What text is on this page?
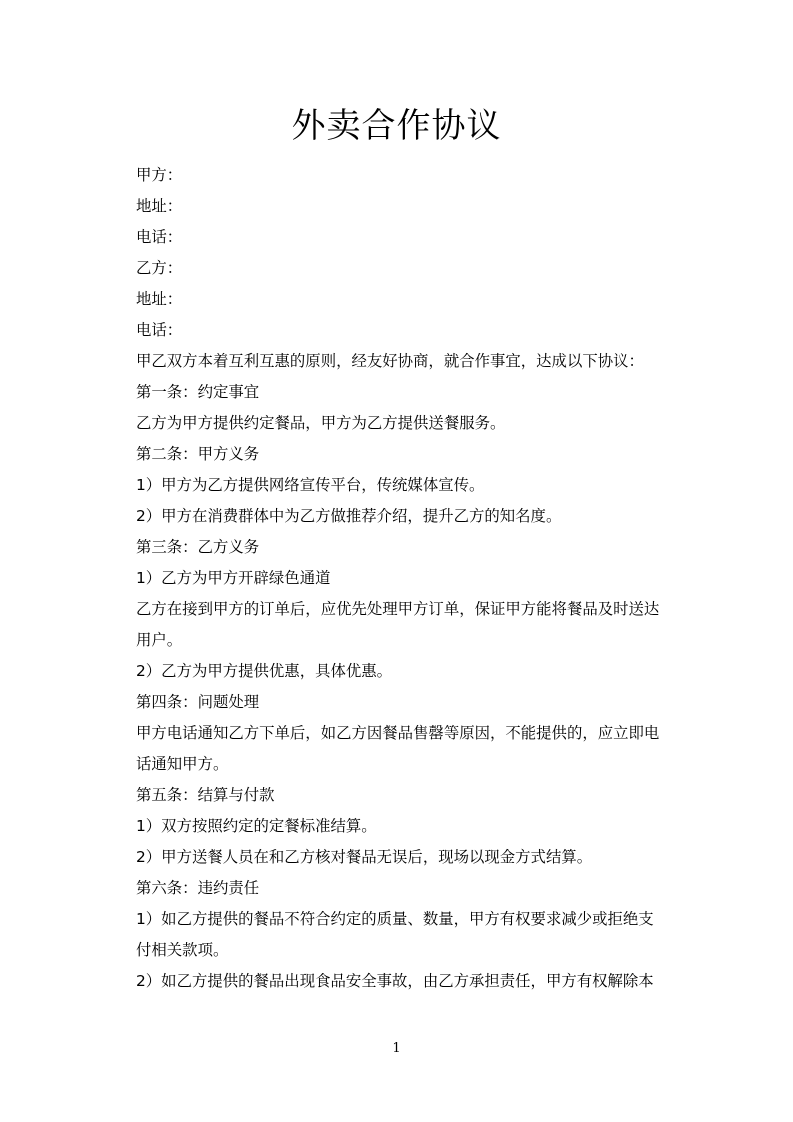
外卖合作协议

甲方：

地址：

电话：

乙方：

地址：

电话：

甲乙双方本着互利互惠的原则，经友好协商，就合作事宜，达成以下协议：

第一条：约定事宜

乙方为甲方提供约定餐品，甲方为乙方提供送餐服务。

第二条：甲方义务

1）甲方为乙方提供网络宣传平台，传统媒体宣传。

2）甲方在消费群体中为乙方做推荐介绍，提升乙方的知名度。

第三条：乙方义务

1）乙方为甲方开辟绿色通道

乙方在接到甲方的订单后，应优先处理甲方订单，保证甲方能将餐品及时送达

用户。

2）乙方为甲方提供优惠，具体优惠。

第四条：问题处理

甲方电话通知乙方下单后，如乙方因餐品售罄等原因，不能提供的，应立即电

话通知甲方。

第五条：结算与付款

1）双方按照约定的定餐标准结算。

2）甲方送餐人员在和乙方核对餐品无误后，现场以现金方式结算。

第六条：违约责任

1）如乙方提供的餐品不符合约定的质量、数量，甲方有权要求减少或拒绝支

付相关款项。

2）如乙方提供的餐品出现食品安全事故，由乙方承担责任，甲方有权解除本

1
